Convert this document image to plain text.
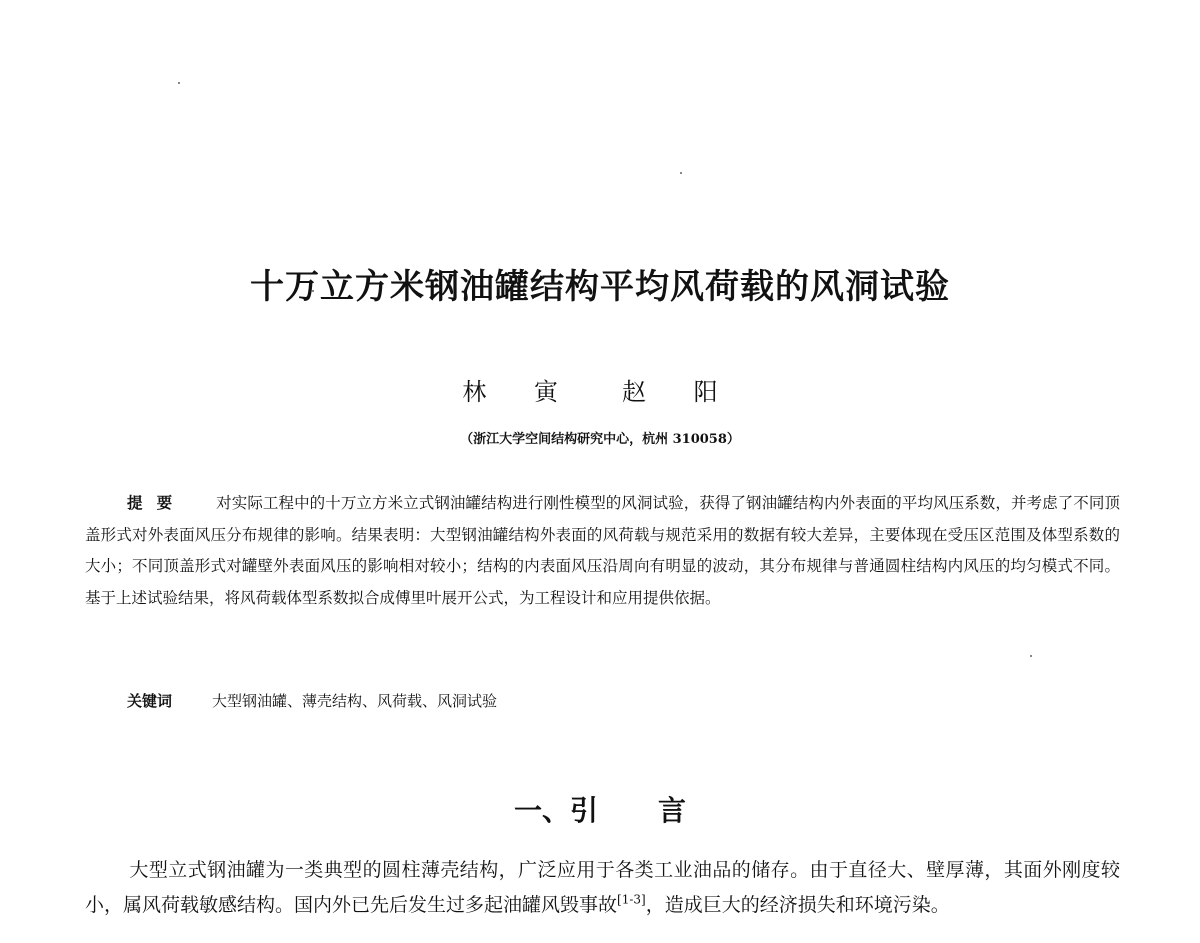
十万立方米钢油罐结构平均风荷载的风洞试验
林 寅 赵 阳
（浙江大学空间结构研究中心，杭州 310058）
提要 对实际工程中的十万立方米立式钢油罐结构进行刚性模型的风洞试验，获得了钢油罐结构内外表面的平均风压系数，并考虑了不同顶盖形式对外表面风压分布规律的影响。结果表明：大型钢油罐结构外表面的风荷载与规范采用的数据有较大差异，主要体现在受压区范围及体型系数的大小；不同顶盖形式对罐壁外表面风压的影响相对较小；结构的内表面风压沿周向有明显的波动，其分布规律与普通圆柱结构内风压的均匀模式不同。基于上述试验结果，将风荷载体型系数拟合成傅里叶展开公式，为工程设计和应用提供依据。
关键词	大型钢油罐、薄壳结构、风荷载、风洞试验
一、引 言
大型立式钢油罐为一类典型的圆柱薄壳结构，广泛应用于各类工业油品的储存。由于直径大、壁厚薄，其面外刚度较小，属风荷载敏感结构。国内外已先后发生过多起油罐风毁事故[1-3]，造成巨大的经济损失和环境污染。
